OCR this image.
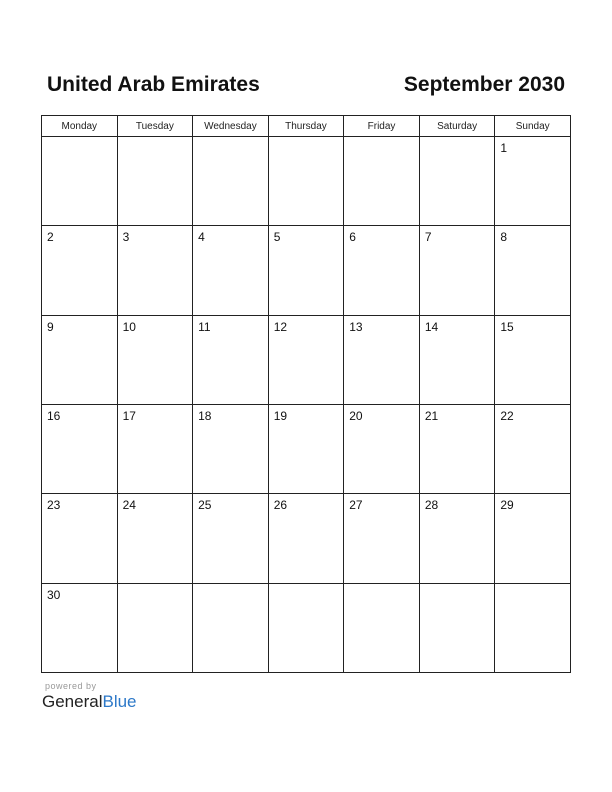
United Arab Emirates	September 2030
Monday	Tuesday	Wednesday	Thursday	Friday	Saturday	Sunday

						1

2	3	4	5	6	7	8

9	10	11	12	13	14	15

16	17	18	19	20	21	22

23	24	25	26	27	28	29

30						

powered by
GeneralBlue
